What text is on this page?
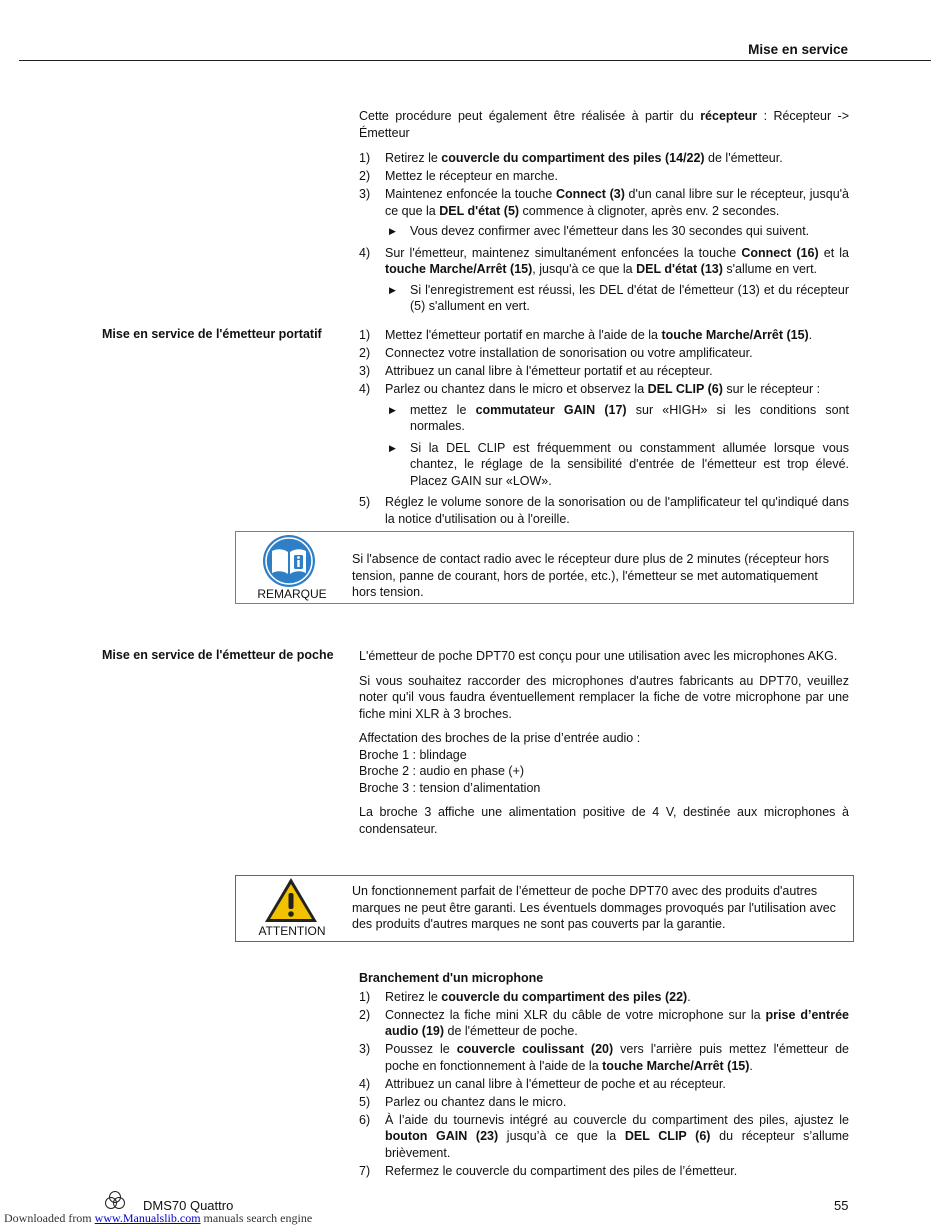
Mise en service

Cette procédure peut également être réalisée à partir du récepteur : Récepteur -> Émetteur

1) Retirez le couvercle du compartiment des piles (14/22) de l'émetteur.
2) Mettez le récepteur en marche.
3) Maintenez enfoncée la touche Connect (3) d'un canal libre sur le récepteur, jusqu'à ce que la DEL d'état (5) commence à clignoter, après env. 2 secondes.
▶ Vous devez confirmer avec l'émetteur dans les 30 secondes qui suivent.
4) Sur l'émetteur, maintenez simultanément enfoncées la touche Connect (16) et la touche Marche/Arrêt (15), jusqu'à ce que la DEL d'état (13) s'allume en vert.
▶ Si l'enregistrement est réussi, les DEL d'état de l'émetteur (13) et du récepteur (5) s'allument en vert.
Mise en service de l'émetteur portatif	1) Mettez l'émetteur portatif en marche à l'aide de la touche Marche/Arrêt (15).
2) Connectez votre installation de sonorisation ou votre amplificateur.
3) Attribuez un canal libre à l'émetteur portatif et au récepteur.
4) Parlez ou chantez dans le micro et observez la DEL CLIP (6) sur le récepteur :
▶ mettez le commutateur GAIN (17) sur «HIGH» si les conditions sont normales.
▶ Si la DEL CLIP est fréquemment ou constamment allumée lorsque vous chantez, le réglage de la sensibilité d'entrée de l'émetteur est trop élevé. Placez GAIN sur «LOW».
5) Réglez le volume sonore de la sonorisation ou de l'amplificateur tel qu'indiqué dans la notice d'utilisation ou à l'oreille.
REMARQUE
Si l'absence de contact radio avec le récepteur dure plus de 2 minutes (récepteur hors tension, panne de courant, hors de portée, etc.), l'émetteur se met automatiquement hors tension.
Mise en service de l'émetteur de poche L'émetteur de poche DPT70 est conçu pour une utilisation avec les microphones AKG.

Si vous souhaitez raccorder des microphones d'autres fabricants au DPT70, veuillez noter qu'il vous faudra éventuellement remplacer la fiche de votre microphone par une fiche mini XLR à 3 broches.

Affectation des broches de la prise d’entrée audio :
Broche 1 : blindage
Broche 2 : audio en phase (+)
Broche 3 : tension d’alimentation

La broche 3 affiche une alimentation positive de 4 V, destinée aux microphones à condensateur.

ATTENTION
Un fonctionnement parfait de l’émetteur de poche DPT70 avec des produits d'autres marques ne peut être garanti. Les éventuels dommages provoqués par l'utilisation avec des produits d'autres marques ne sont pas couverts par la garantie.
Branchement d'un microphone
1) Retirez le couvercle du compartiment des piles (22).
2) Connectez la fiche mini XLR du câble de votre microphone sur la prise d’entrée audio (19) de l'émetteur de poche.
3) Poussez le couvercle coulissant (20) vers l'arrière puis mettez l'émetteur de poche en fonctionnement à l'aide de la touche Marche/Arrêt (15).
4) Attribuez un canal libre à l'émetteur de poche et au récepteur.
5) Parlez ou chantez dans le micro.
6) À l’aide du tournevis intégré au couvercle du compartiment des piles, ajustez le bouton GAIN (23) jusqu’à ce que la DEL CLIP (6) du récepteur s’allume brièvement.
7) Refermez le couvercle du compartiment des piles de l’émetteur.
DMS70 Quattro	55
Downloaded from www.Manualslib.com manuals search engine
